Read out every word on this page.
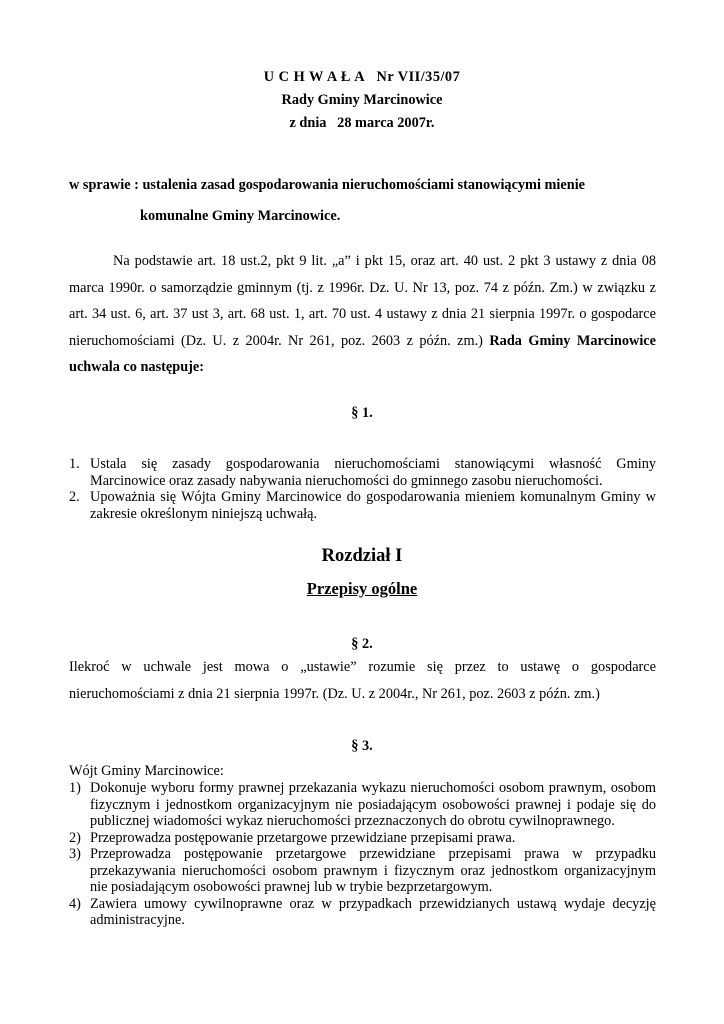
U C H W A Ł A   Nr VII/35/07
Rady Gminy Marcinowice
z dnia   28 marca 2007r.
w sprawie : ustalenia zasad gospodarowania nieruchomościami stanowiącymi mienie
komunalne Gminy Marcinowice.
Na podstawie art. 18 ust.2, pkt 9 lit. „a” i pkt 15, oraz art. 40 ust. 2 pkt 3 ustawy z dnia 08 marca 1990r. o samorządzie gminnym (tj. z 1996r. Dz. U. Nr 13, poz. 74 z późn. Zm.) w związku z art. 34 ust. 6, art. 37 ust 3, art. 68 ust. 1, art. 70 ust. 4 ustawy z dnia 21 sierpnia 1997r. o gospodarce nieruchomościami (Dz. U. z 2004r. Nr 261, poz. 2603 z późn. zm.) Rada Gminy Marcinowice uchwala co następuje:
§ 1.
1. Ustala się zasady gospodarowania nieruchomościami stanowiącymi własność Gminy Marcinowice oraz zasady nabywania nieruchomości do gminnego zasobu nieruchomości.
2. Upoważnia się Wójta Gminy Marcinowice do gospodarowania mieniem komunalnym Gminy w zakresie określonym niniejszą uchwałą.
Rozdział I
Przepisy ogólne
§ 2.
Ilekroć w uchwale jest mowa o „ustawie” rozumie się przez to ustawę o gospodarce nieruchomościami z dnia 21 sierpnia 1997r. (Dz. U. z 2004r., Nr 261, poz. 2603 z późn. zm.)
§ 3.
Wójt Gminy Marcinowice:
1) Dokonuje wyboru formy prawnej przekazania wykazu nieruchomości osobom prawnym, osobom fizycznym i jednostkom organizacyjnym nie posiadającym osobowości prawnej i podaje się do publicznej wiadomości wykaz nieruchomości przeznaczonych do obrotu cywilnoprawnego.
2) Przeprowadza postępowanie przetargowe przewidziane przepisami prawa.
3) Przeprowadza postępowanie przetargowe przewidziane przepisami prawa w przypadku przekazywania nieruchomości osobom prawnym i fizycznym oraz jednostkom organizacyjnym nie posiadającym osobowości prawnej lub w trybie bezprzetargowym.
4) Zawiera umowy cywilnoprawne oraz w przypadkach przewidzianych ustawą wydaje decyzję administracyjne.
